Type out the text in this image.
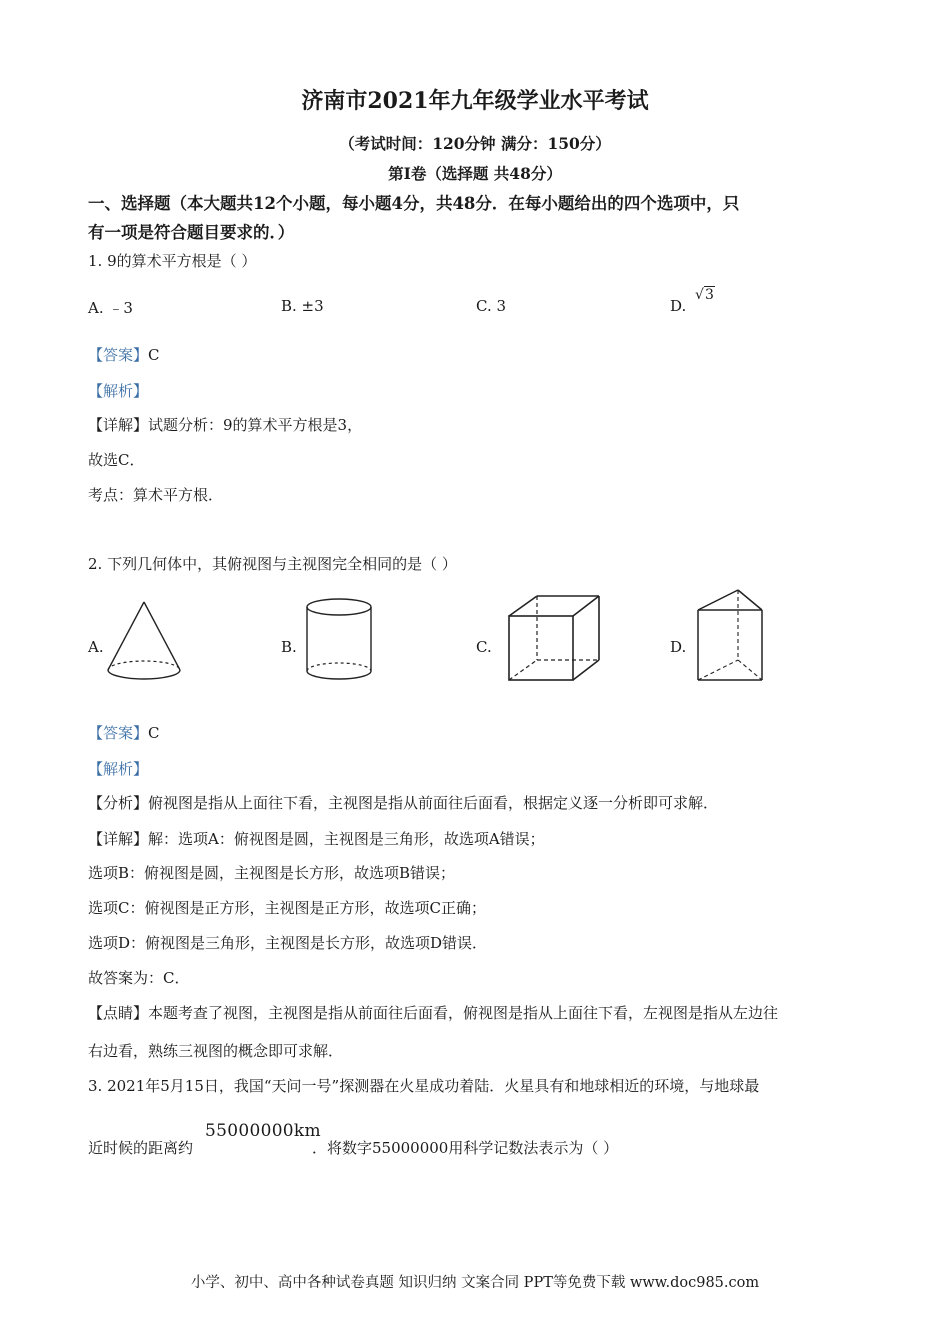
济南市2021年九年级学业水平考试
（考试时间：120分钟 满分：150分）
第Ⅰ卷（选择题 共48分）
一、选择题（本大题共12个小题，每小题4分，共48分．在每小题给出的四个选项中，只
有一项是符合题目要求的．）
1. 9的算术平方根是（ ）
A. ﹣3	B. ±3	C. 3	D. √3
【答案】C
【解析】
【详解】试题分析：9的算术平方根是3，
故选C．
考点：算术平方根．
2. 下列几何体中，其俯视图与主视图完全相同的是（ ）
A.	B.	C.	D.
【答案】C
【解析】
【分析】俯视图是指从上面往下看，主视图是指从前面往后面看，根据定义逐一分析即可求解．
【详解】解：选项A：俯视图是圆，主视图是三角形，故选项A错误；
选项B：俯视图是圆，主视图是长方形，故选项B错误；
选项C：俯视图是正方形，主视图是正方形，故选项C正确；
选项D：俯视图是三角形，主视图是长方形，故选项D错误．
故答案为：C．
【点睛】本题考查了视图，主视图是指从前面往后面看，俯视图是指从上面往下看，左视图是指从左边往
右边看，熟练三视图的概念即可求解．
3. 2021年5月15日，我国“天问一号”探测器在火星成功着陆．火星具有和地球相近的环境，与地球最
近时候的距离约
55000000km
．将数字55000000用科学记数法表示为（ ）
小学、初中、高中各种试卷真题 知识归纳 文案合同 PPT等免费下载 www.doc985.com
